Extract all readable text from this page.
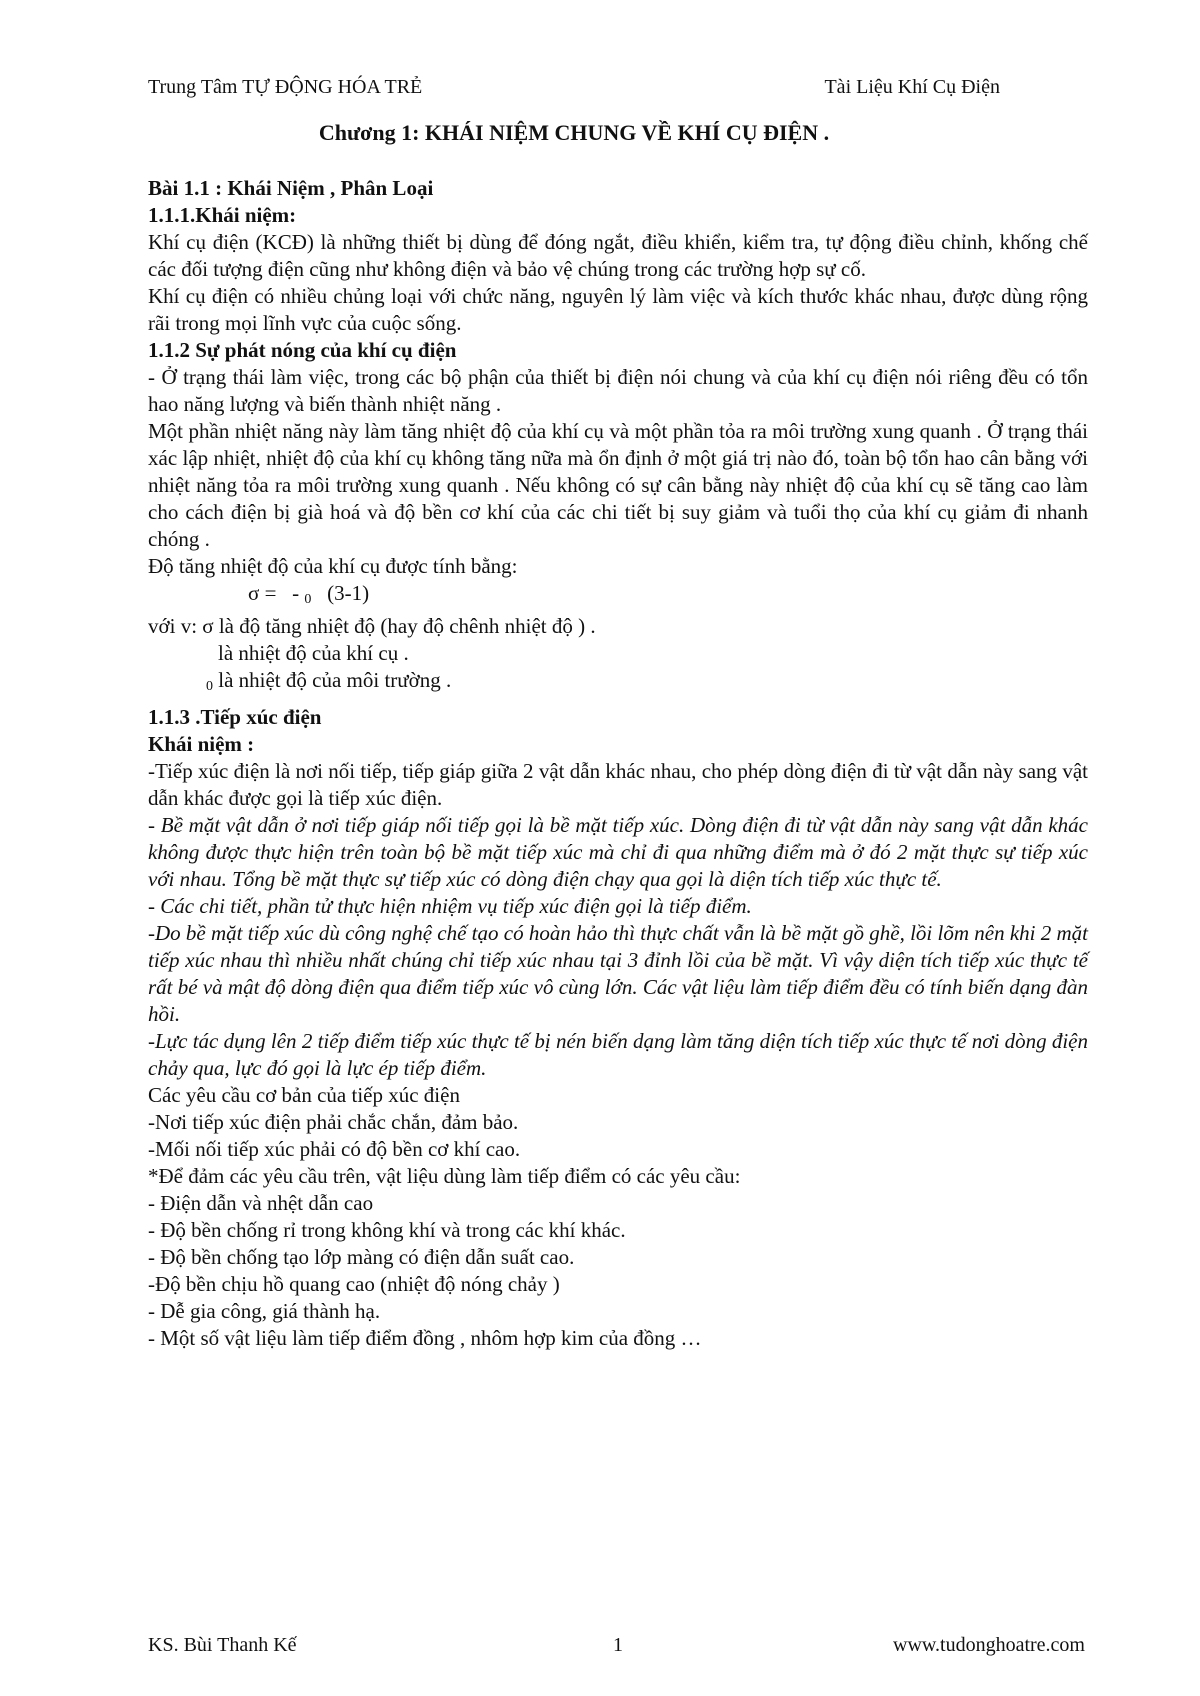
Trung Tâm TỰ ĐỘNG HÓA TRẺ	Tài Liệu Khí Cụ Điện
Chương 1: KHÁI NIỆM CHUNG VỀ KHÍ CỤ ĐIỆN .

Bài 1.1 : Khái Niệm , Phân Loại

1.1.1.Khái niệm:

Khí cụ điện (KCĐ) là những thiết bị dùng để đóng ngắt, điều khiển, kiểm tra, tự động điều chỉnh, khống chế các đối tượng điện cũng như không điện và bảo vệ chúng trong các trường hợp sự cố.

Khí cụ điện có nhiều chủng loại với chức năng, nguyên lý làm việc và kích thước khác nhau, được dùng rộng rãi trong mọi lĩnh vực của cuộc sống.

1.1.2 Sự phát nóng của khí cụ điện

- Ở trạng thái làm việc, trong các bộ phận của thiết bị điện nói chung và của khí cụ điện nói riêng đều có tổn hao năng lượng và biến thành nhiệt năng .

Một phần nhiệt năng này làm tăng nhiệt độ của khí cụ và một phần tỏa ra môi trường xung quanh . Ở trạng thái xác lập nhiệt, nhiệt độ của khí cụ không tăng nữa mà ổn định ở một giá trị nào đó, toàn bộ tổn hao cân bằng với nhiệt năng tỏa ra môi trường xung quanh . Nếu không có sự cân bằng này nhiệt độ của khí cụ sẽ tăng cao làm cho cách điện bị già hoá và độ bền cơ khí của các chi tiết bị suy giảm và tuổi thọ của khí cụ giảm đi nhanh chóng .

Độ tăng nhiệt độ của khí cụ được tính bằng:

σ = - $_0$ (3-1)

với v: σ là độ tăng nhiệt độ (hay độ chênh nhiệt độ ) .

là nhiệt độ của khí cụ .

$_0$ là nhiệt độ của môi trường .

1.1.3 .Tiếp xúc điện

Khái niệm :

-Tiếp xúc điện là nơi nối tiếp, tiếp giáp giữa 2 vật dẫn khác nhau, cho phép dòng điện đi từ vật dẫn này sang vật dẫn khác được gọi là tiếp xúc điện.

- Bề mặt vật dẫn ở nơi tiếp giáp nối tiếp gọi là bề mặt tiếp xúc. Dòng điện đi từ vật dẫn này sang vật dẫn khác không được thực hiện trên toàn bộ bề mặt tiếp xúc mà chỉ đi qua những điểm mà ở đó 2 mặt thực sự tiếp xúc với nhau. Tổng bề mặt thực sự tiếp xúc có dòng điện chạy qua gọi là diện tích tiếp xúc thực tế.

- Các chi tiết, phần tử thực hiện nhiệm vụ tiếp xúc điện gọi là tiếp điểm.

-Do bề mặt tiếp xúc dù công nghệ chế tạo có hoàn hảo thì thực chất vẫn là bề mặt gồ ghề, lồi lõm nên khi 2 mặt tiếp xúc nhau thì nhiều nhất chúng chỉ tiếp xúc nhau tại 3 đỉnh lồi của bề mặt. Vì vậy diện tích tiếp xúc thực tế rất bé và mật độ dòng điện qua điểm tiếp xúc vô cùng lớn. Các vật liệu làm tiếp điểm đều có tính biến dạng đàn hồi.

-Lực tác dụng lên 2 tiếp điểm tiếp xúc thực tế bị nén biến dạng làm tăng diện tích tiếp xúc thực tế nơi dòng điện chảy qua, lực đó gọi là lực ép tiếp điểm.

Các yêu cầu cơ bản của tiếp xúc điện

-Nơi tiếp xúc điện phải chắc chắn, đảm bảo.

-Mối nối tiếp xúc phải có độ bền cơ khí cao.

*Để đảm các yêu cầu trên, vật liệu dùng làm tiếp điểm có các yêu cầu:

- Điện dẫn và nhệt dẫn cao

- Độ bền chống rỉ trong không khí và trong các khí khác.

- Độ bền chống tạo lớp màng có điện dẫn suất cao.

-Độ bền chịu hồ quang cao (nhiệt độ nóng chảy )

- Dễ gia công, giá thành hạ.

- Một số vật liệu làm tiếp điểm đồng , nhôm hợp kim của đồng …

KS. Bùi Thanh Kế	1	www.tudonghoatre.com
